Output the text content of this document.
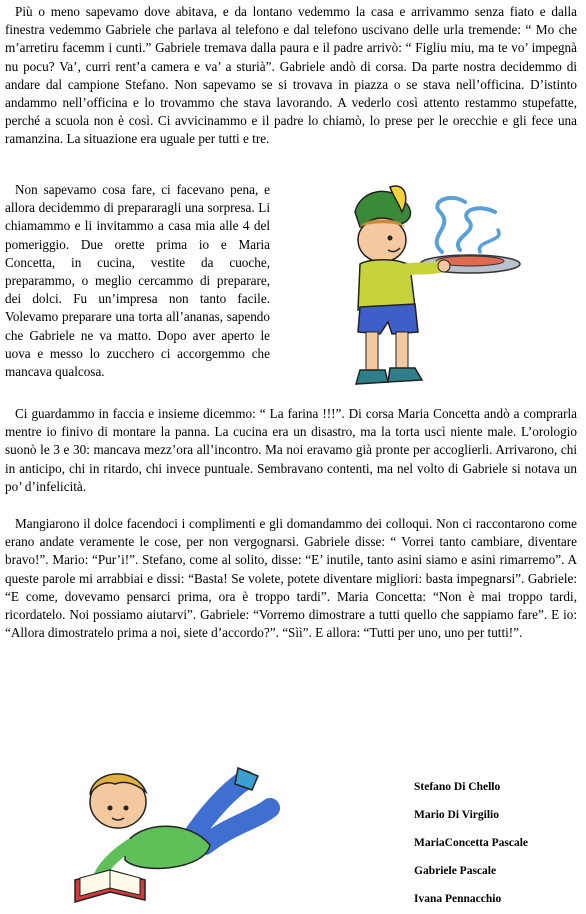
Più o meno sapevamo dove abitava, e da lontano vedemmo la casa e arrivammo senza fiato e dalla finestra vedemmo Gabriele che parlava al telefono e dal telefono uscivano delle urla tremende: “ Mo che m’arretiru facemm i cunti.” Gabriele tremava dalla paura e il padre arrivò: “ Figliu miu, ma te vo’ impegnà nu pocu? Va’, curri rent’a camera e va’ a sturià”. Gabriele andò di corsa. Da parte nostra decidemmo di andare dal campione Stefano. Non sapevamo se si trovava in piazza o se stava nell’officina. D’istinto andammo nell’officina e lo trovammo che stava lavorando. A vederlo così attento restammo stupefatte, perché a scuola non è così. Ci avvicinammo e il padre lo chiamò, lo prese per le orecchie e gli fece una ramanzina. La situazione era uguale per tutti e tre.

Non sapevamo cosa fare, ci facevano pena, e allora decidemmo di prepararagli una sorpresa. Li chiamammo e li invitammo a casa mia alle 4 del pomeriggio. Due orette prima io e Maria Concetta, in cucina, vestite da cuoche, preparammo, o meglio cercammo di preparare, dei dolci. Fu un’impresa non tanto facile. Volevamo preparare una torta all’ananas, sapendo che Gabriele ne va matto. Dopo aver aperto le uova e messo lo zucchero ci accorgemmo che mancava qualcosa.

Ci guardammo in faccia e insieme dicemmo: “ La farina !!!”. Di corsa Maria Concetta andò a comprarla mentre io finivo di montare la panna. La cucina era un disastro, ma la torta uscì niente male. L’orologio suonò le 3 e 30: mancava mezz’ora all’incontro. Ma noi eravamo già pronte per accoglierli. Arrivarono, chi in anticipo, chi in ritardo, chi invece puntuale. Sembravano contenti, ma nel volto di Gabriele si notava un po’ d’infelicità.

Mangiarono il dolce facendoci i complimenti e gli domandammo dei colloqui. Non ci raccontarono come erano andate veramente le cose, per non vergognarsi. Gabriele disse: “ Vorrei tanto cambiare, diventare bravo!”. Mario: “Pur’i!”. Stefano, come al solito, disse: “E’ inutile, tanto asini siamo e asini rimarremo”. A queste parole mi arrabbiai e dissi: “Basta! Se volete, potete diventare migliori: basta impegnarsi”. Gabriele: “E come, dovevamo pensarci prima, ora è troppo tardi”. Maria Concetta: “Non è mai troppo tardi, ricordatelo. Noi possiamo aiutarvi”. Gabriele: “Vorremo dimostrare a tutti quello che sappiamo fare”. E io: “Allora dimostratelo prima a noi, siete d’accordo?”. “Sìì”. E allora: “Tutti per uno, uno per tutti!”.

Stefano Di Chello
Mario Di Virgilio
MariaConcetta Pascale
Gabriele Pascale
Ivana Pennacchio
